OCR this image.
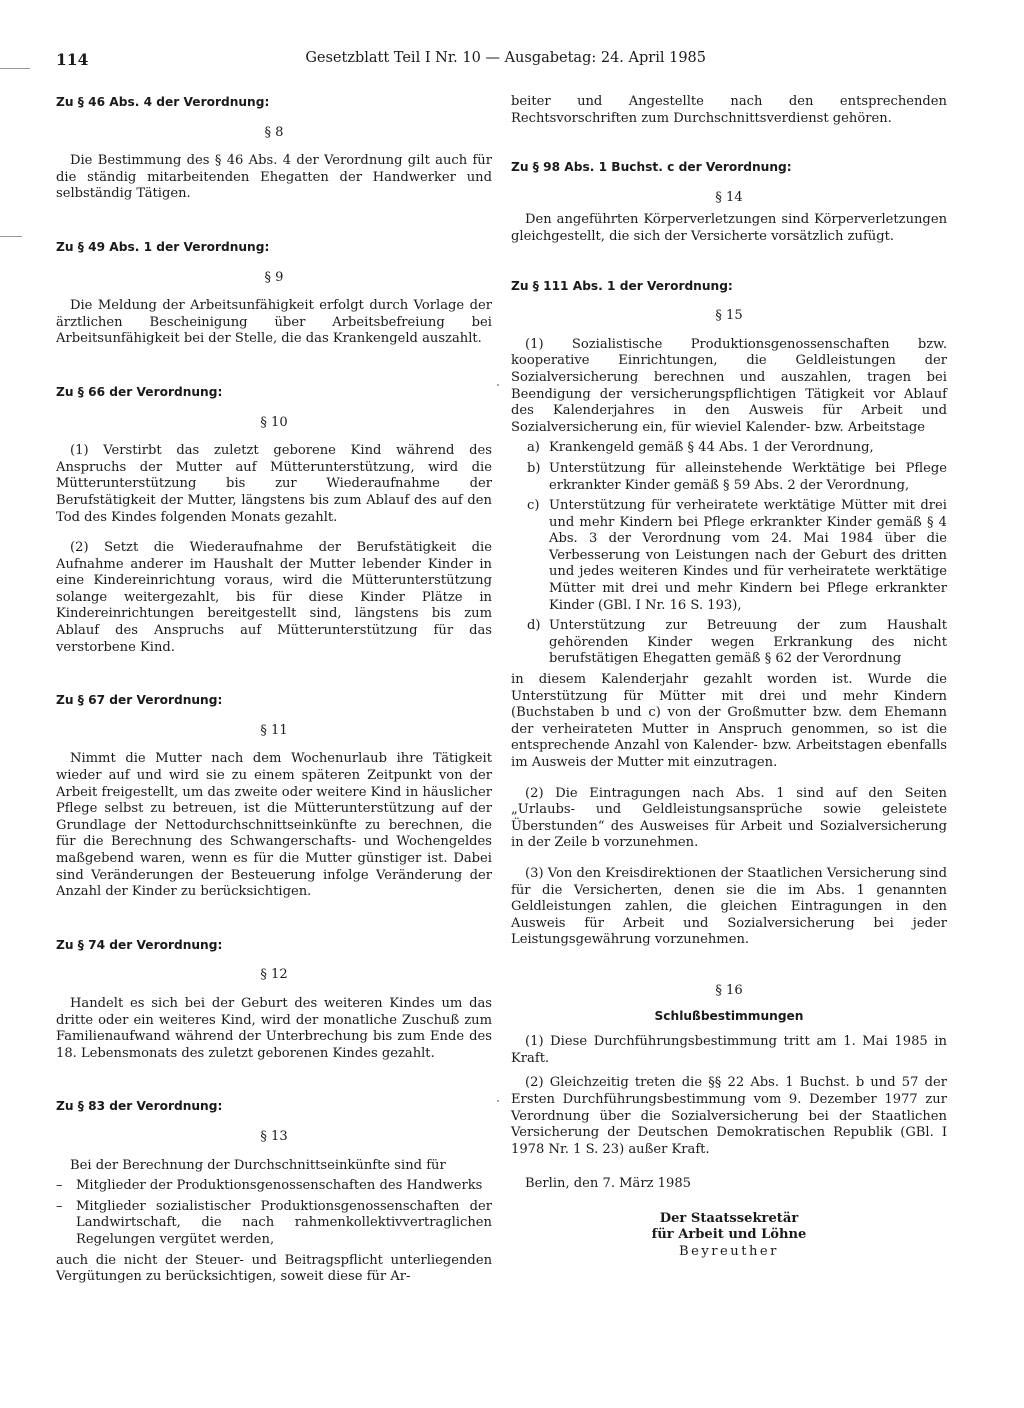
114	Gesetzblatt Teil I Nr. 10 — Ausgabetag: 24. April 1985

Zu § 46 Abs. 4 der Verordnung:

§ 8

Die Bestimmung des § 46 Abs. 4 der Verordnung gilt auch für die ständig mitarbeitenden Ehegatten der Handwerker und selbständig Tätigen.

Zu § 49 Abs. 1 der Verordnung:

§ 9

Die Meldung der Arbeitsunfähigkeit erfolgt durch Vorlage der ärztlichen Bescheinigung über Arbeitsbefreiung bei Arbeitsunfähigkeit bei der Stelle, die das Krankengeld auszahlt.

Zu § 66 der Verordnung:

§ 10

(1) Verstirbt das zuletzt geborene Kind während des Anspruchs der Mutter auf Mütterunterstützung, wird die Mütterunterstützung bis zur Wiederaufnahme der Berufstätigkeit der Mutter, längstens bis zum Ablauf des auf den Tod des Kindes folgenden Monats gezahlt.

(2) Setzt die Wiederaufnahme der Berufstätigkeit die Aufnahme anderer im Haushalt der Mutter lebender Kinder in eine Kindereinrichtung voraus, wird die Mütterunterstützung solange weitergezahlt, bis für diese Kinder Plätze in Kindereinrichtungen bereitgestellt sind, längstens bis zum Ablauf des Anspruchs auf Mütterunterstützung für das verstorbene Kind.

Zu § 67 der Verordnung:

§ 11

Nimmt die Mutter nach dem Wochenurlaub ihre Tätigkeit wieder auf und wird sie zu einem späteren Zeitpunkt von der Arbeit freigestellt, um das zweite oder weitere Kind in häuslicher Pflege selbst zu betreuen, ist die Mütterunterstützung auf der Grundlage der Nettodurchschnittseinkünfte zu berechnen, die für die Berechnung des Schwangerschafts- und Wochengeldes maßgebend waren, wenn es für die Mutter günstiger ist. Dabei sind Veränderungen der Besteuerung infolge Veränderung der Anzahl der Kinder zu berücksichtigen.

Zu § 74 der Verordnung:

§ 12

Handelt es sich bei der Geburt des weiteren Kindes um das dritte oder ein weiteres Kind, wird der monatliche Zuschuß zum Familienaufwand während der Unterbrechung bis zum Ende des 18. Lebensmonats des zuletzt geborenen Kindes gezahlt.

Zu § 83 der Verordnung:

§ 13

Bei der Berechnung der Durchschnittseinkünfte sind für

–	Mitglieder der Produktionsgenossenschaften des Handwerks
–	Mitglieder sozialistischer Produktionsgenossenschaften der Landwirtschaft, die nach rahmenkollektivvertraglichen Regelungen vergütet werden,

auch die nicht der Steuer- und Beitragspflicht unterliegenden Vergütungen zu berücksichtigen, soweit diese für Ar-

beiter und Angestellte nach den entsprechenden Rechtsvorschriften zum Durchschnittsverdienst gehören.

Zu § 98 Abs. 1 Buchst. c der Verordnung:

§ 14

Den angeführten Körperverletzungen sind Körperverletzungen gleichgestellt, die sich der Versicherte vorsätzlich zufügt.

Zu § 111 Abs. 1 der Verordnung:

§ 15

(1) Sozialistische Produktionsgenossenschaften bzw. kooperative Einrichtungen, die Geldleistungen der Sozialversicherung berechnen und auszahlen, tragen bei Beendigung der versicherungspflichtigen Tätigkeit vor Ablauf des Kalenderjahres in den Ausweis für Arbeit und Sozialversicherung ein, für wieviel Kalender- bzw. Arbeitstage

a) Krankengeld gemäß § 44 Abs. 1 der Verordnung,
b) Unterstützung für alleinstehende Werktätige bei Pflege erkrankter Kinder gemäß § 59 Abs. 2 der Verordnung,
c) Unterstützung für verheiratete werktätige Mütter mit drei und mehr Kindern bei Pflege erkrankter Kinder gemäß § 4 Abs. 3 der Verordnung vom 24. Mai 1984 über die Verbesserung von Leistungen nach der Geburt des dritten und jedes weiteren Kindes und für verheiratete werktätige Mütter mit drei und mehr Kindern bei Pflege erkrankter Kinder (GBl. I Nr. 16 S. 193),
d) Unterstützung zur Betreuung der zum Haushalt gehörenden Kinder wegen Erkrankung des nicht berufstätigen Ehegatten gemäß § 62 der Verordnung

in diesem Kalenderjahr gezahlt worden ist. Wurde die Unterstützung für Mütter mit drei und mehr Kindern (Buchstaben b und c) von der Großmutter bzw. dem Ehemann der verheirateten Mutter in Anspruch genommen, so ist die entsprechende Anzahl von Kalender- bzw. Arbeitstagen ebenfalls im Ausweis der Mutter mit einzutragen.

(2) Die Eintragungen nach Abs. 1 sind auf den Seiten „Urlaubs- und Geldleistungsansprüche sowie geleistete Überstunden“ des Ausweises für Arbeit und Sozialversicherung in der Zeile b vorzunehmen.

(3) Von den Kreisdirektionen der Staatlichen Versicherung sind für die Versicherten, denen sie die im Abs. 1 genannten Geldleistungen zahlen, die gleichen Eintragungen in den Ausweis für Arbeit und Sozialversicherung bei jeder Leistungsgewährung vorzunehmen.

§ 16

Schlußbestimmungen

(1) Diese Durchführungsbestimmung tritt am 1. Mai 1985 in Kraft.

(2) Gleichzeitig treten die §§ 22 Abs. 1 Buchst. b und 57 der Ersten Durchführungsbestimmung vom 9. Dezember 1977 zur Verordnung über die Sozialversicherung bei der Staatlichen Versicherung der Deutschen Demokratischen Republik (GBl. I 1978 Nr. 1 S. 23) außer Kraft.

Berlin, den 7. März 1985

Der Staatssekretär

für Arbeit und Löhne

Beyreuther
